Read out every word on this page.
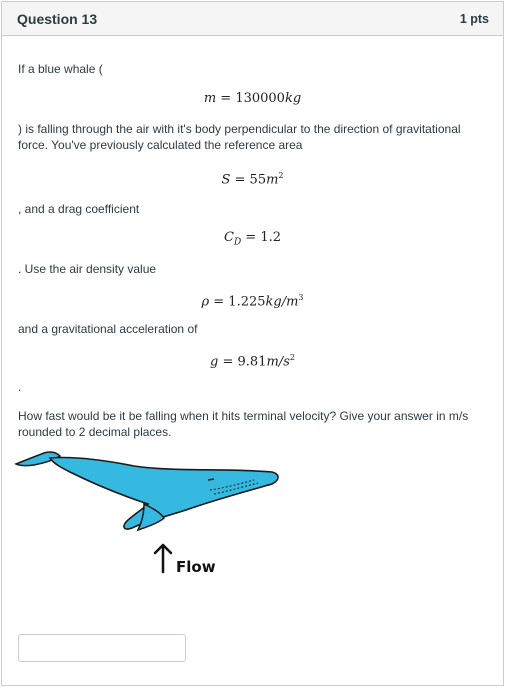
Question 13	1 pts
If a blue whale (
m = 130000kg
) is falling through the air with it's body perpendicular to the direction of gravitational force. You've previously calculated the reference area
$S = 55m^2$
, and a drag coefficient
$C_D = 1.2$
. Use the air density value
$\rho = 1.225kg/m^3$
and a gravitational acceleration of
$g = 9.81m/s^2$
.
How fast would be it be falling when it hits terminal velocity? Give your answer in m/s rounded to 2 decimal places.
Flow
